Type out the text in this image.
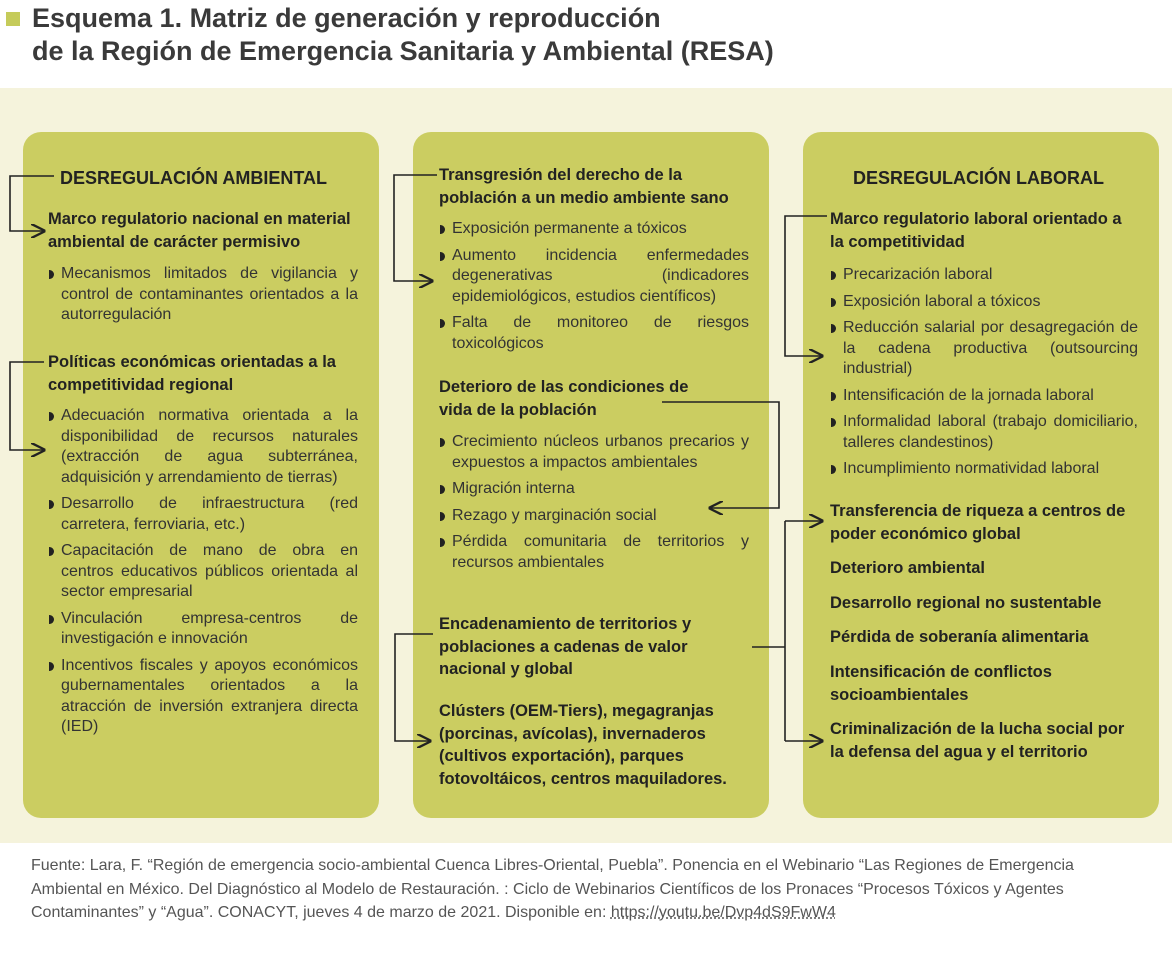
Esquema 1. Matriz de generación y reproducción
de la Región de Emergencia Sanitaria y Ambiental (RESA)
DESREGULACIÓN AMBIENTAL
Marco regulatorio nacional en material ambiental de carácter permisivo
Mecanismos limitados de vigilancia y control de contaminantes orientados a la autorregulación
Políticas económicas orientadas a la competitividad regional
Adecuación normativa orientada a la disponibilidad de recursos naturales (extracción de agua subterránea, adquisición y arrendamiento de tierras)
Desarrollo de infraestructura (red carretera, ferroviaria, etc.)
Capacitación de mano de obra en centros educativos públicos orientada al sector empresarial
Vinculación empresa-centros de investigación e innovación
Incentivos fiscales y apoyos económicos gubernamentales orientados a la atracción de inversión extranjera directa (IED)
Transgresión del derecho de la población a un medio ambiente sano
Exposición permanente a tóxicos
Aumento incidencia enfermedades degenerativas (indicadores epidemiológicos, estudios científicos)
Falta de monitoreo de riesgos toxicológicos
Deterioro de las condiciones de vida de la población
Crecimiento núcleos urbanos precarios y expuestos a impactos ambientales
Migración interna
Rezago y marginación social
Pérdida comunitaria de territorios y recursos ambientales
Encadenamiento de territorios y poblaciones a cadenas de valor nacional y global
Clústers (OEM-Tiers), megagranjas (porcinas, avícolas), invernaderos (cultivos exportación), parques fotovoltáicos, centros maquiladores.
DESREGULACIÓN LABORAL
Marco regulatorio laboral orientado a la competitividad
Precarización laboral
Exposición laboral a tóxicos
Reducción salarial por desagregación de la cadena productiva (outsourcing industrial)
Intensificación de la jornada laboral
Informalidad laboral (trabajo domiciliario, talleres clandestinos)
Incumplimiento normatividad laboral
Transferencia de riqueza a centros de poder económico global
Deterioro ambiental
Desarrollo regional no sustentable
Pérdida de soberanía alimentaria
Intensificación de conflictos socioambientales
Criminalización de la lucha social por la defensa del agua y el territorio
Fuente: Lara, F. “Región de emergencia socio-ambiental Cuenca Libres-Oriental, Puebla”. Ponencia en el Webinario “Las Regiones de Emergencia Ambiental en México. Del Diagnóstico al Modelo de Restauración. : Ciclo de Webinarios Científicos de los Pronaces “Procesos Tóxicos y Agentes Contaminantes” y “Agua”. CONACYT, jueves 4 de marzo de 2021. Disponible en: https://youtu.be/Dvp4dS9FwW4
